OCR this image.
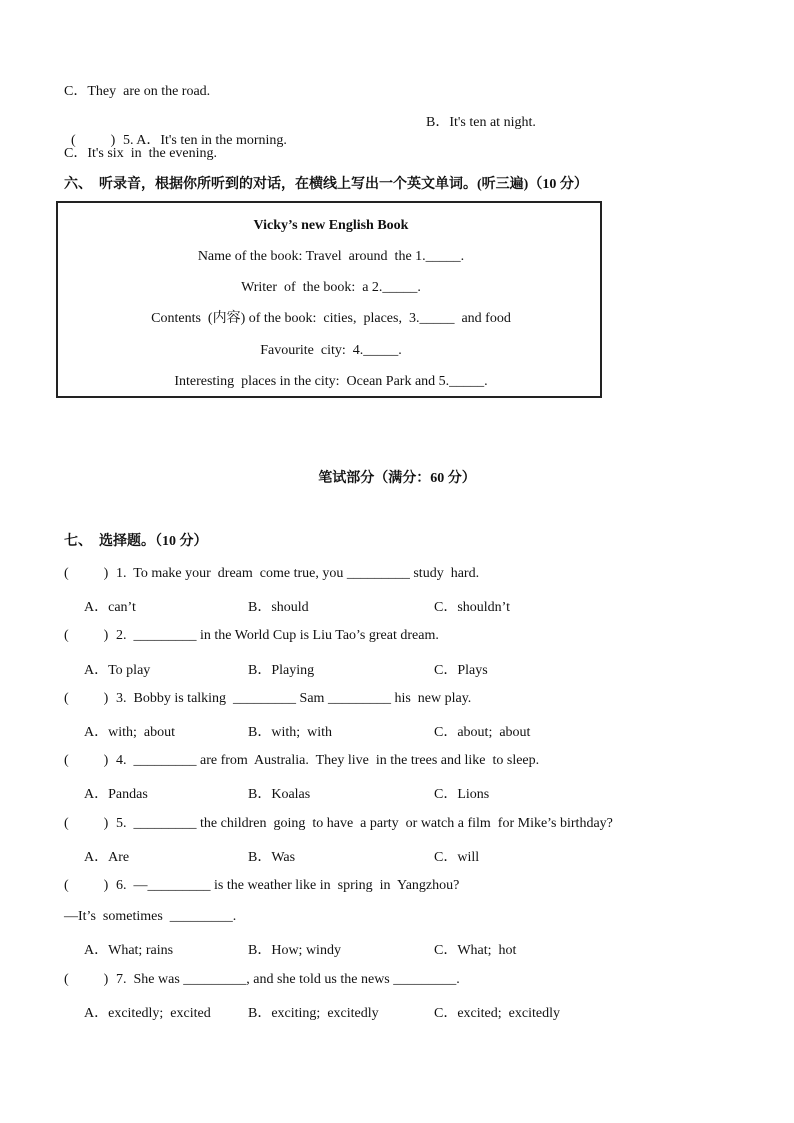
C．They  are on the road.

(          ) 5. A．It's ten in the morning.

B．It's ten at night.
C．It's six  in  the evening.
六、  听录音，根据你所听到的对话，在横线上写出一个英文单词。(听三遍)（10 分）
Vicky’s new English Book
Name of the book: Travel  around  the 1._____.
Writer  of  the book:  a 2._____.
Contents  (内容) of the book:  cities,  places,  3._____  and food
Favourite  city:  4._____.
Interesting  places in the city:  Ocean Park and 5._____.
笔试部分（满分：60 分）
七、  选择题。（10 分）
(          ) 1.  To make your  dream  come true, you _________ study  hard.
A．can’t	B．should	C．shouldn’t
(          ) 2.  _________ in the World Cup is Liu Tao’s great dream.
A．To play	B．Playing	C．Plays
(          ) 3.  Bobby is talking  _________ Sam _________ his  new play.
A．with;  about	B．with;  with	C．about;  about
(          ) 4.  _________ are from  Australia.  They live  in the trees and like  to sleep.
A．Pandas	B．Koalas	C．Lions
(          ) 5.  _________ the children  going  to have  a party  or watch a film  for Mike’s birthday?
A．Are	B．Was	C．will
(          ) 6.  —_________ is the weather like in  spring  in  Yangzhou?
—It’s  sometimes  _________.
A．What; rains	B．How; windy	C．What;  hot
(          ) 7.  She was _________, and she told us the news _________.
A．excitedly;  excited	B．exciting;  excitedly	C．excited;  excitedly
